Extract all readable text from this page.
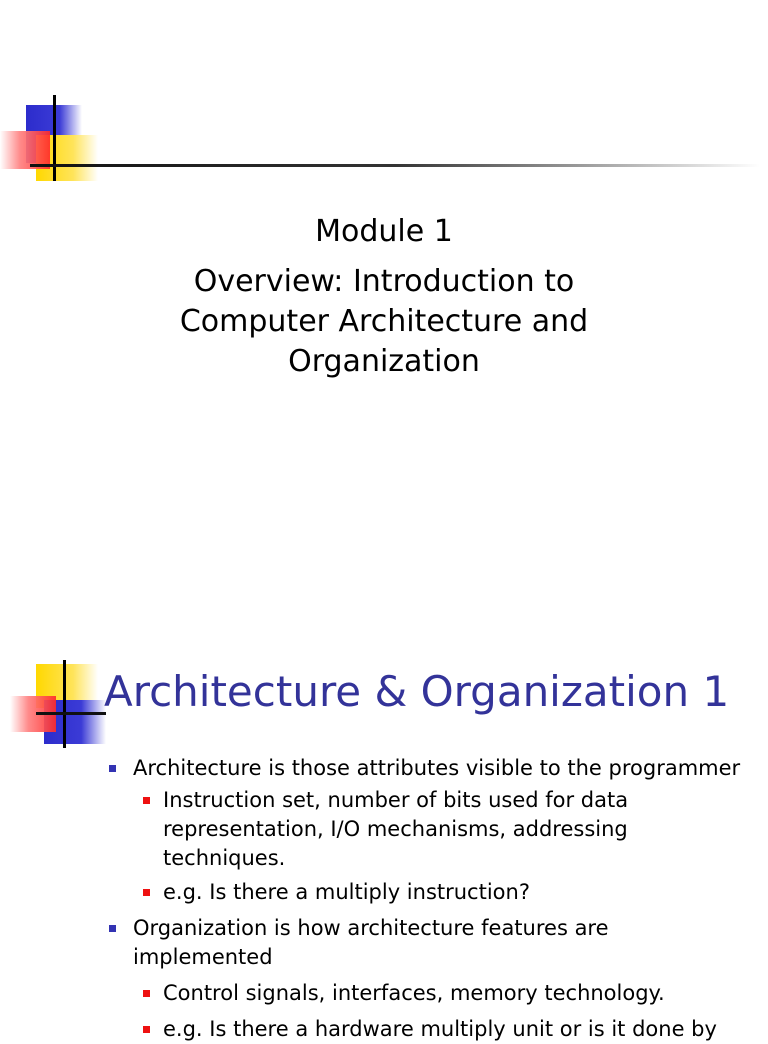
Module 1
Overview: Introduction to
Computer Architecture and
Organization
Architecture & Organization 1
Architecture is those attributes visible to the programmer
Instruction set, number of bits used for data representation, I/O mechanisms, addressing techniques.
e.g. Is there a multiply instruction?
Organization is how architecture features are implemented
Control signals, interfaces, memory technology.
e.g. Is there a hardware multiply unit or is it done by
